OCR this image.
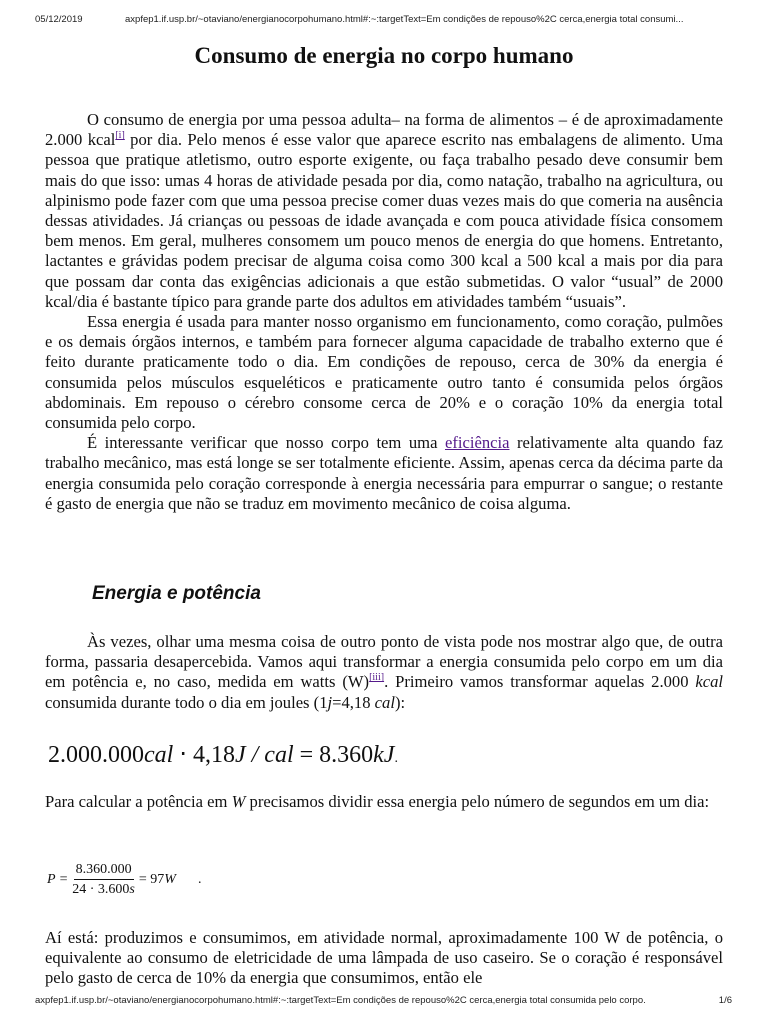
05/12/2019	axpfep1.if.usp.br/~otaviano/energianocorpohumano.html#:~:targetText=Em condições de repouso%2C cerca,energia total consumi...
Consumo de energia no corpo humano

O consumo de energia por uma pessoa adulta– na forma de alimentos – é de aproximadamente 2.000 kcal[i] por dia. Pelo menos é esse valor que aparece escrito nas embalagens de alimento. Uma pessoa que pratique atletismo, outro esporte exigente, ou faça trabalho pesado deve consumir bem mais do que isso: umas 4 horas de atividade pesada por dia, como natação, trabalho na agricultura, ou alpinismo pode fazer com que uma pessoa precise comer duas vezes mais do que comeria na ausência dessas atividades. Já crianças ou pessoas de idade avançada e com pouca atividade física consomem bem menos. Em geral, mulheres consomem um pouco menos de energia do que homens. Entretanto, lactantes e grávidas podem precisar de alguma coisa como 300 kcal a 500 kcal a mais por dia para que possam dar conta das exigências adicionais a que estão submetidas. O valor “usual” de 2000 kcal/dia é bastante típico para grande parte dos adultos em atividades também “usuais”.

Essa energia é usada para manter nosso organismo em funcionamento, como coração, pulmões e os demais órgãos internos, e também para fornecer alguma capacidade de trabalho externo que é feito durante praticamente todo o dia. Em condições de repouso, cerca de 30% da energia é consumida pelos músculos esqueléticos e praticamente outro tanto é consumida pelos órgãos abdominais. Em repouso o cérebro consome cerca de 20% e o coração 10% da energia total consumida pelo corpo.

É interessante verificar que nosso corpo tem uma eficiência relativamente alta quando faz trabalho mecânico, mas está longe se ser totalmente eficiente. Assim, apenas cerca da décima parte da energia consumida pelo coração corresponde à energia necessária para empurrar o sangue; o restante é gasto de energia que não se traduz em movimento mecânico de coisa alguma.

Energia e potência

Às vezes, olhar uma mesma coisa de outro ponto de vista pode nos mostrar algo que, de outra forma, passaria desapercebida. Vamos aqui transformar a energia consumida pelo corpo em um dia em potência e, no caso, medida em watts (W)[iii]. Primeiro vamos transformar aquelas 2.000 kcal consumida durante todo o dia em joules (1j=4,18 cal):

2.000.000cal ⋅ 4,18J / cal = 8.360kJ.
Para calcular a potência em W precisamos dividir essa energia pelo número de segundos em um dia:
$P = \frac{8.360.000}{24 \cdot 3.600s} = 97$ W .
Aí está: produzimos e consumimos, em atividade normal, aproximadamente 100 W de potência, o equivalente ao consumo de eletricidade de uma lâmpada de uso caseiro. Se o coração é responsável pelo gasto de cerca de 10% da energia que consumimos, então ele
axpfep1.if.usp.br/~otaviano/energianocorpohumano.html#:~:targetText=Em condições de repouso%2C cerca,energia total consumida pelo corpo.	1/6
